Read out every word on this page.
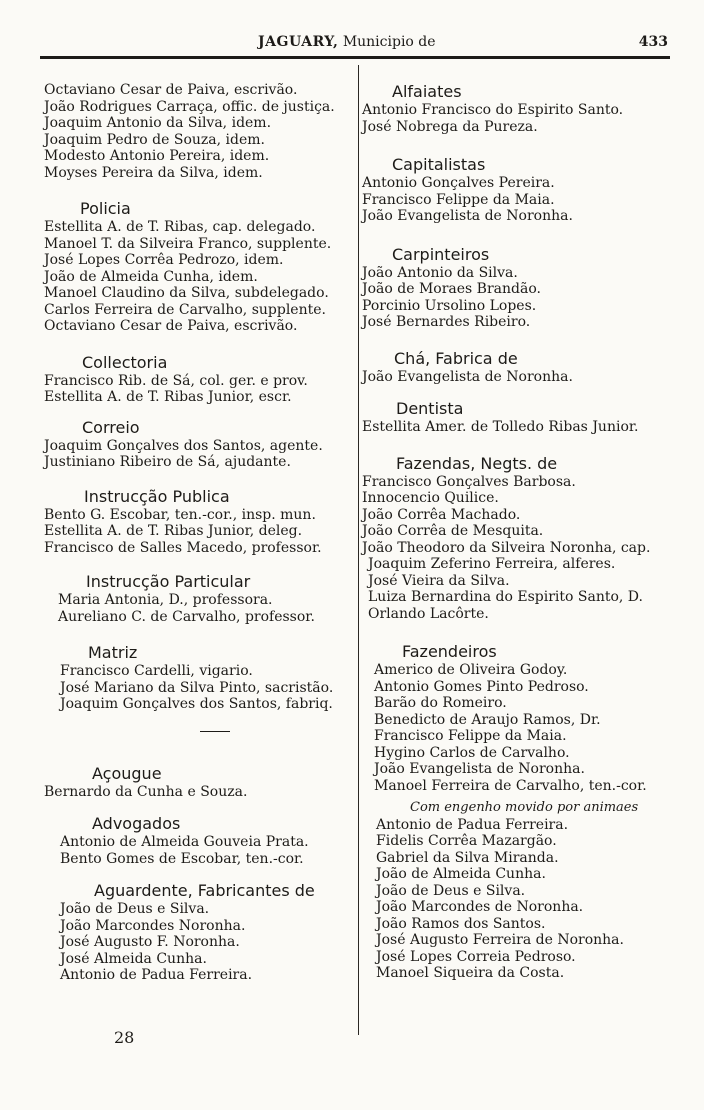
JAGUARY, Municipio de	433
Octaviano Cesar de Paiva, escrivão.
João Rodrigues Carraça, offic. de justiça.
Joaquim Antonio da Silva, idem.
Joaquim Pedro de Souza, idem.
Modesto Antonio Pereira, idem.
Moyses Pereira da Silva, idem.
Policia
Estellita A. de T. Ribas, cap. delegado.
Manoel T. da Silveira Franco, supplente.
José Lopes Corrêa Pedrozo, idem.
João de Almeida Cunha, idem.
Manoel Claudino da Silva, subdelegado.
Carlos Ferreira de Carvalho, supplente.
Octaviano Cesar de Paiva, escrivão.
Collectoria
Francisco Rib. de Sá, col. ger. e prov.
Estellita A. de T. Ribas Junior, escr.
Correio
Joaquim Gonçalves dos Santos, agente.
Justiniano Ribeiro de Sá, ajudante.
Instrucção Publica
Bento G. Escobar, ten.-cor., insp. mun.
Estellita A. de T. Ribas Junior, deleg.
Francisco de Salles Macedo, professor.
Instrucção Particular
Maria Antonia, D., professora.
Aureliano C. de Carvalho, professor.
Matriz
Francisco Cardelli, vigario.
José Mariano da Silva Pinto, sacristão.
Joaquim Gonçalves dos Santos, fabriq.
Açougue
Bernardo da Cunha e Souza.
Advogados
Antonio de Almeida Gouveia Prata.
Bento Gomes de Escobar, ten.-cor.
Aguardente, Fabricantes de
João de Deus e Silva.
João Marcondes Noronha.
José Augusto F. Noronha.
José Almeida Cunha.
Antonio de Padua Ferreira.
28
Alfaiates
Antonio Francisco do Espirito Santo.
José Nobrega da Pureza.
Capitalistas
Antonio Gonçalves Pereira.
Francisco Felippe da Maia.
João Evangelista de Noronha.
Carpinteiros
João Antonio da Silva.
João de Moraes Brandão.
Porcinio Ursolino Lopes.
José Bernardes Ribeiro.
Chá, Fabrica de
João Evangelista de Noronha.
Dentista
Estellita Amer. de Tolledo Ribas Junior.
Fazendas, Negts. de
Francisco Gonçalves Barbosa.
Innocencio Quilice.
João Corrêa Machado.
João Corrêa de Mesquita.
João Theodoro da Silveira Noronha, cap.
Joaquim Zeferino Ferreira, alferes.
José Vieira da Silva.
Luiza Bernardina do Espirito Santo, D.
Orlando Lacôrte.
Fazendeiros
Americo de Oliveira Godoy.
Antonio Gomes Pinto Pedroso.
Barão do Romeiro.
Benedicto de Araujo Ramos, Dr.
Francisco Felippe da Maia.
Hygino Carlos de Carvalho.
João Evangelista de Noronha.
Manoel Ferreira de Carvalho, ten.-cor.
Com engenho movido por animaes
Antonio de Padua Ferreira.
Fidelis Corrêa Mazargão.
Gabriel da Silva Miranda.
João de Almeida Cunha.
João de Deus e Silva.
João Marcondes de Noronha.
João Ramos dos Santos.
José Augusto Ferreira de Noronha.
José Lopes Correia Pedroso.
Manoel Siqueira da Costa.
